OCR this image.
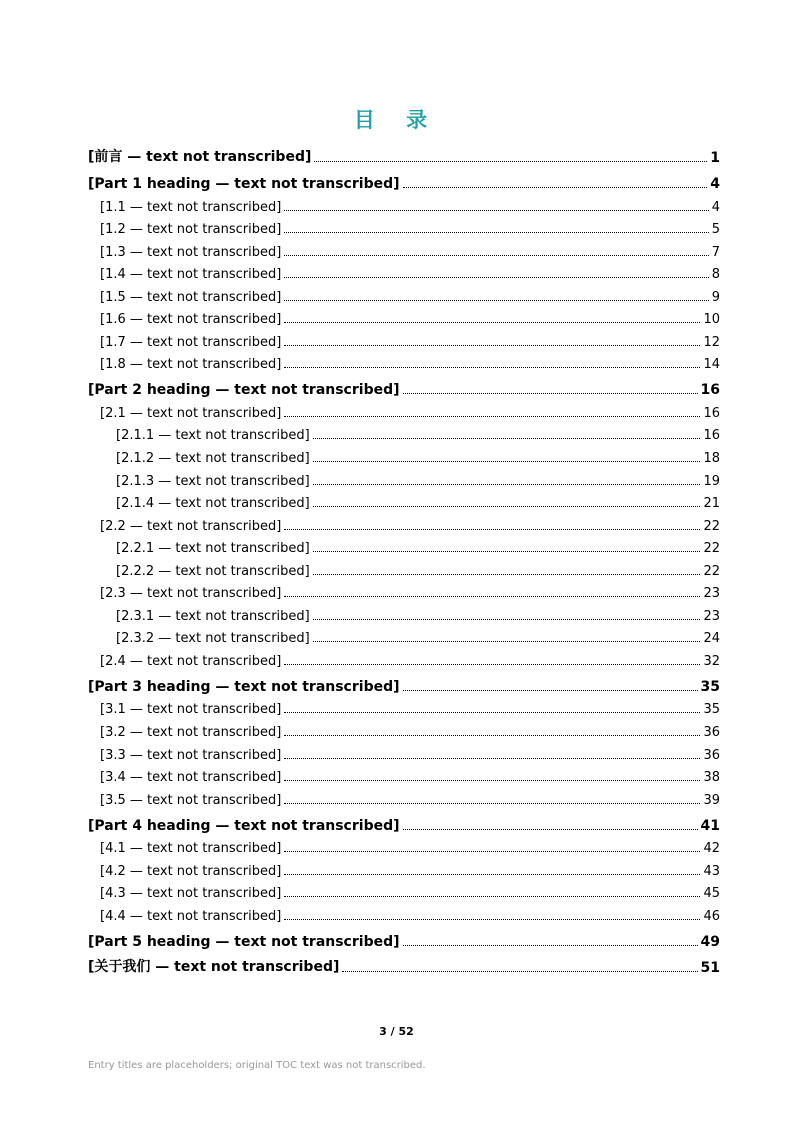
目 录
[前言 — text not transcribed]	1
[Part 1 heading — text not transcribed]	4
[1.1 — text not transcribed]	4
[1.2 — text not transcribed]	5
[1.3 — text not transcribed]	7
[1.4 — text not transcribed]	8
[1.5 — text not transcribed]	9
[1.6 — text not transcribed]	10
[1.7 — text not transcribed]	12
[1.8 — text not transcribed]	14
[Part 2 heading — text not transcribed]	16
[2.1 — text not transcribed]	16
[2.1.1 — text not transcribed]	16
[2.1.2 — text not transcribed]	18
[2.1.3 — text not transcribed]	19
[2.1.4 — text not transcribed]	21
[2.2 — text not transcribed]	22
[2.2.1 — text not transcribed]	22
[2.2.2 — text not transcribed]	22
[2.3 — text not transcribed]	23
[2.3.1 — text not transcribed]	23
[2.3.2 — text not transcribed]	24
[2.4 — text not transcribed]	32
[Part 3 heading — text not transcribed]	35
[3.1 — text not transcribed]	35
[3.2 — text not transcribed]	36
[3.3 — text not transcribed]	36
[3.4 — text not transcribed]	38
[3.5 — text not transcribed]	39
[Part 4 heading — text not transcribed]	41
[4.1 — text not transcribed]	42
[4.2 — text not transcribed]	43
[4.3 — text not transcribed]	45
[4.4 — text not transcribed]	46
[Part 5 heading — text not transcribed]	49
[关于我们 — text not transcribed]	51
3 / 52
Entry titles are placeholders; original TOC text was not transcribed.
